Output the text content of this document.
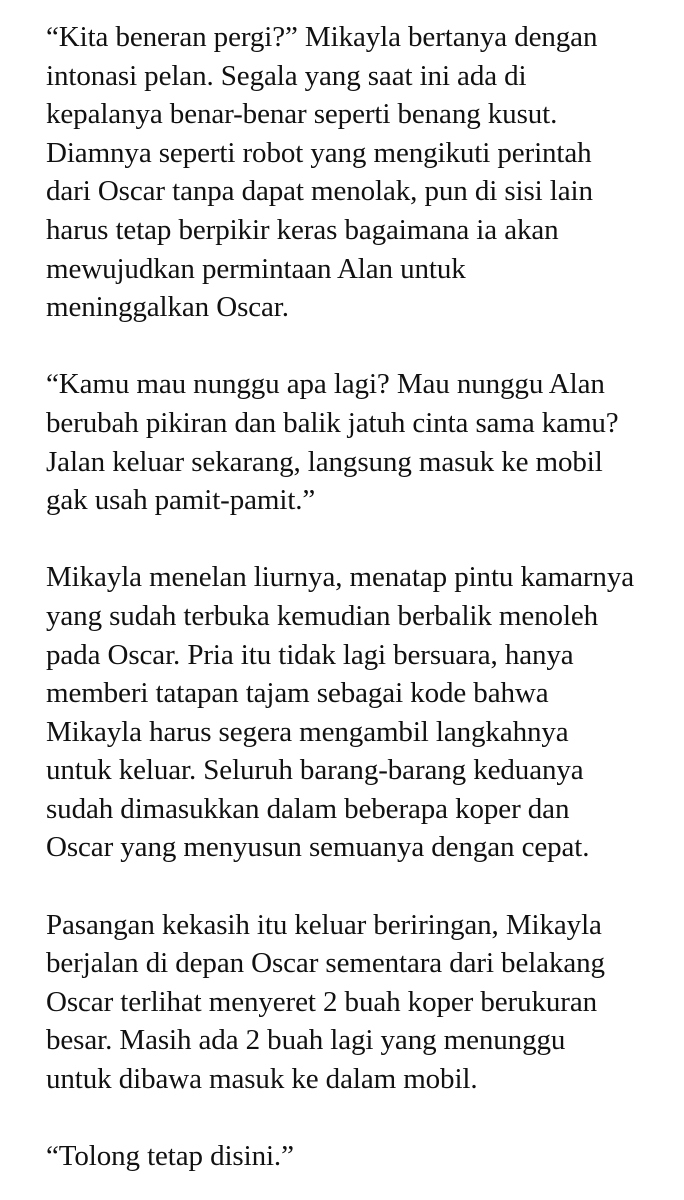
“Kita beneran pergi?” Mikayla bertanya dengan
intonasi pelan. Segala yang saat ini ada di
kepalanya benar-benar seperti benang kusut.
Diamnya seperti robot yang mengikuti perintah
dari Oscar tanpa dapat menolak, pun di sisi lain
harus tetap berpikir keras bagaimana ia akan
mewujudkan permintaan Alan untuk
meninggalkan Oscar.

“Kamu mau nunggu apa lagi? Mau nunggu Alan
berubah pikiran dan balik jatuh cinta sama kamu?
Jalan keluar sekarang, langsung masuk ke mobil
gak usah pamit-pamit.”

Mikayla menelan liurnya, menatap pintu kamarnya
yang sudah terbuka kemudian berbalik menoleh
pada Oscar. Pria itu tidak lagi bersuara, hanya
memberi tatapan tajam sebagai kode bahwa
Mikayla harus segera mengambil langkahnya
untuk keluar. Seluruh barang-barang keduanya
sudah dimasukkan dalam beberapa koper dan
Oscar yang menyusun semuanya dengan cepat.

Pasangan kekasih itu keluar beriringan, Mikayla
berjalan di depan Oscar sementara dari belakang
Oscar terlihat menyeret 2 buah koper berukuran
besar. Masih ada 2 buah lagi yang menunggu
untuk dibawa masuk ke dalam mobil.

“Tolong tetap disini.”
